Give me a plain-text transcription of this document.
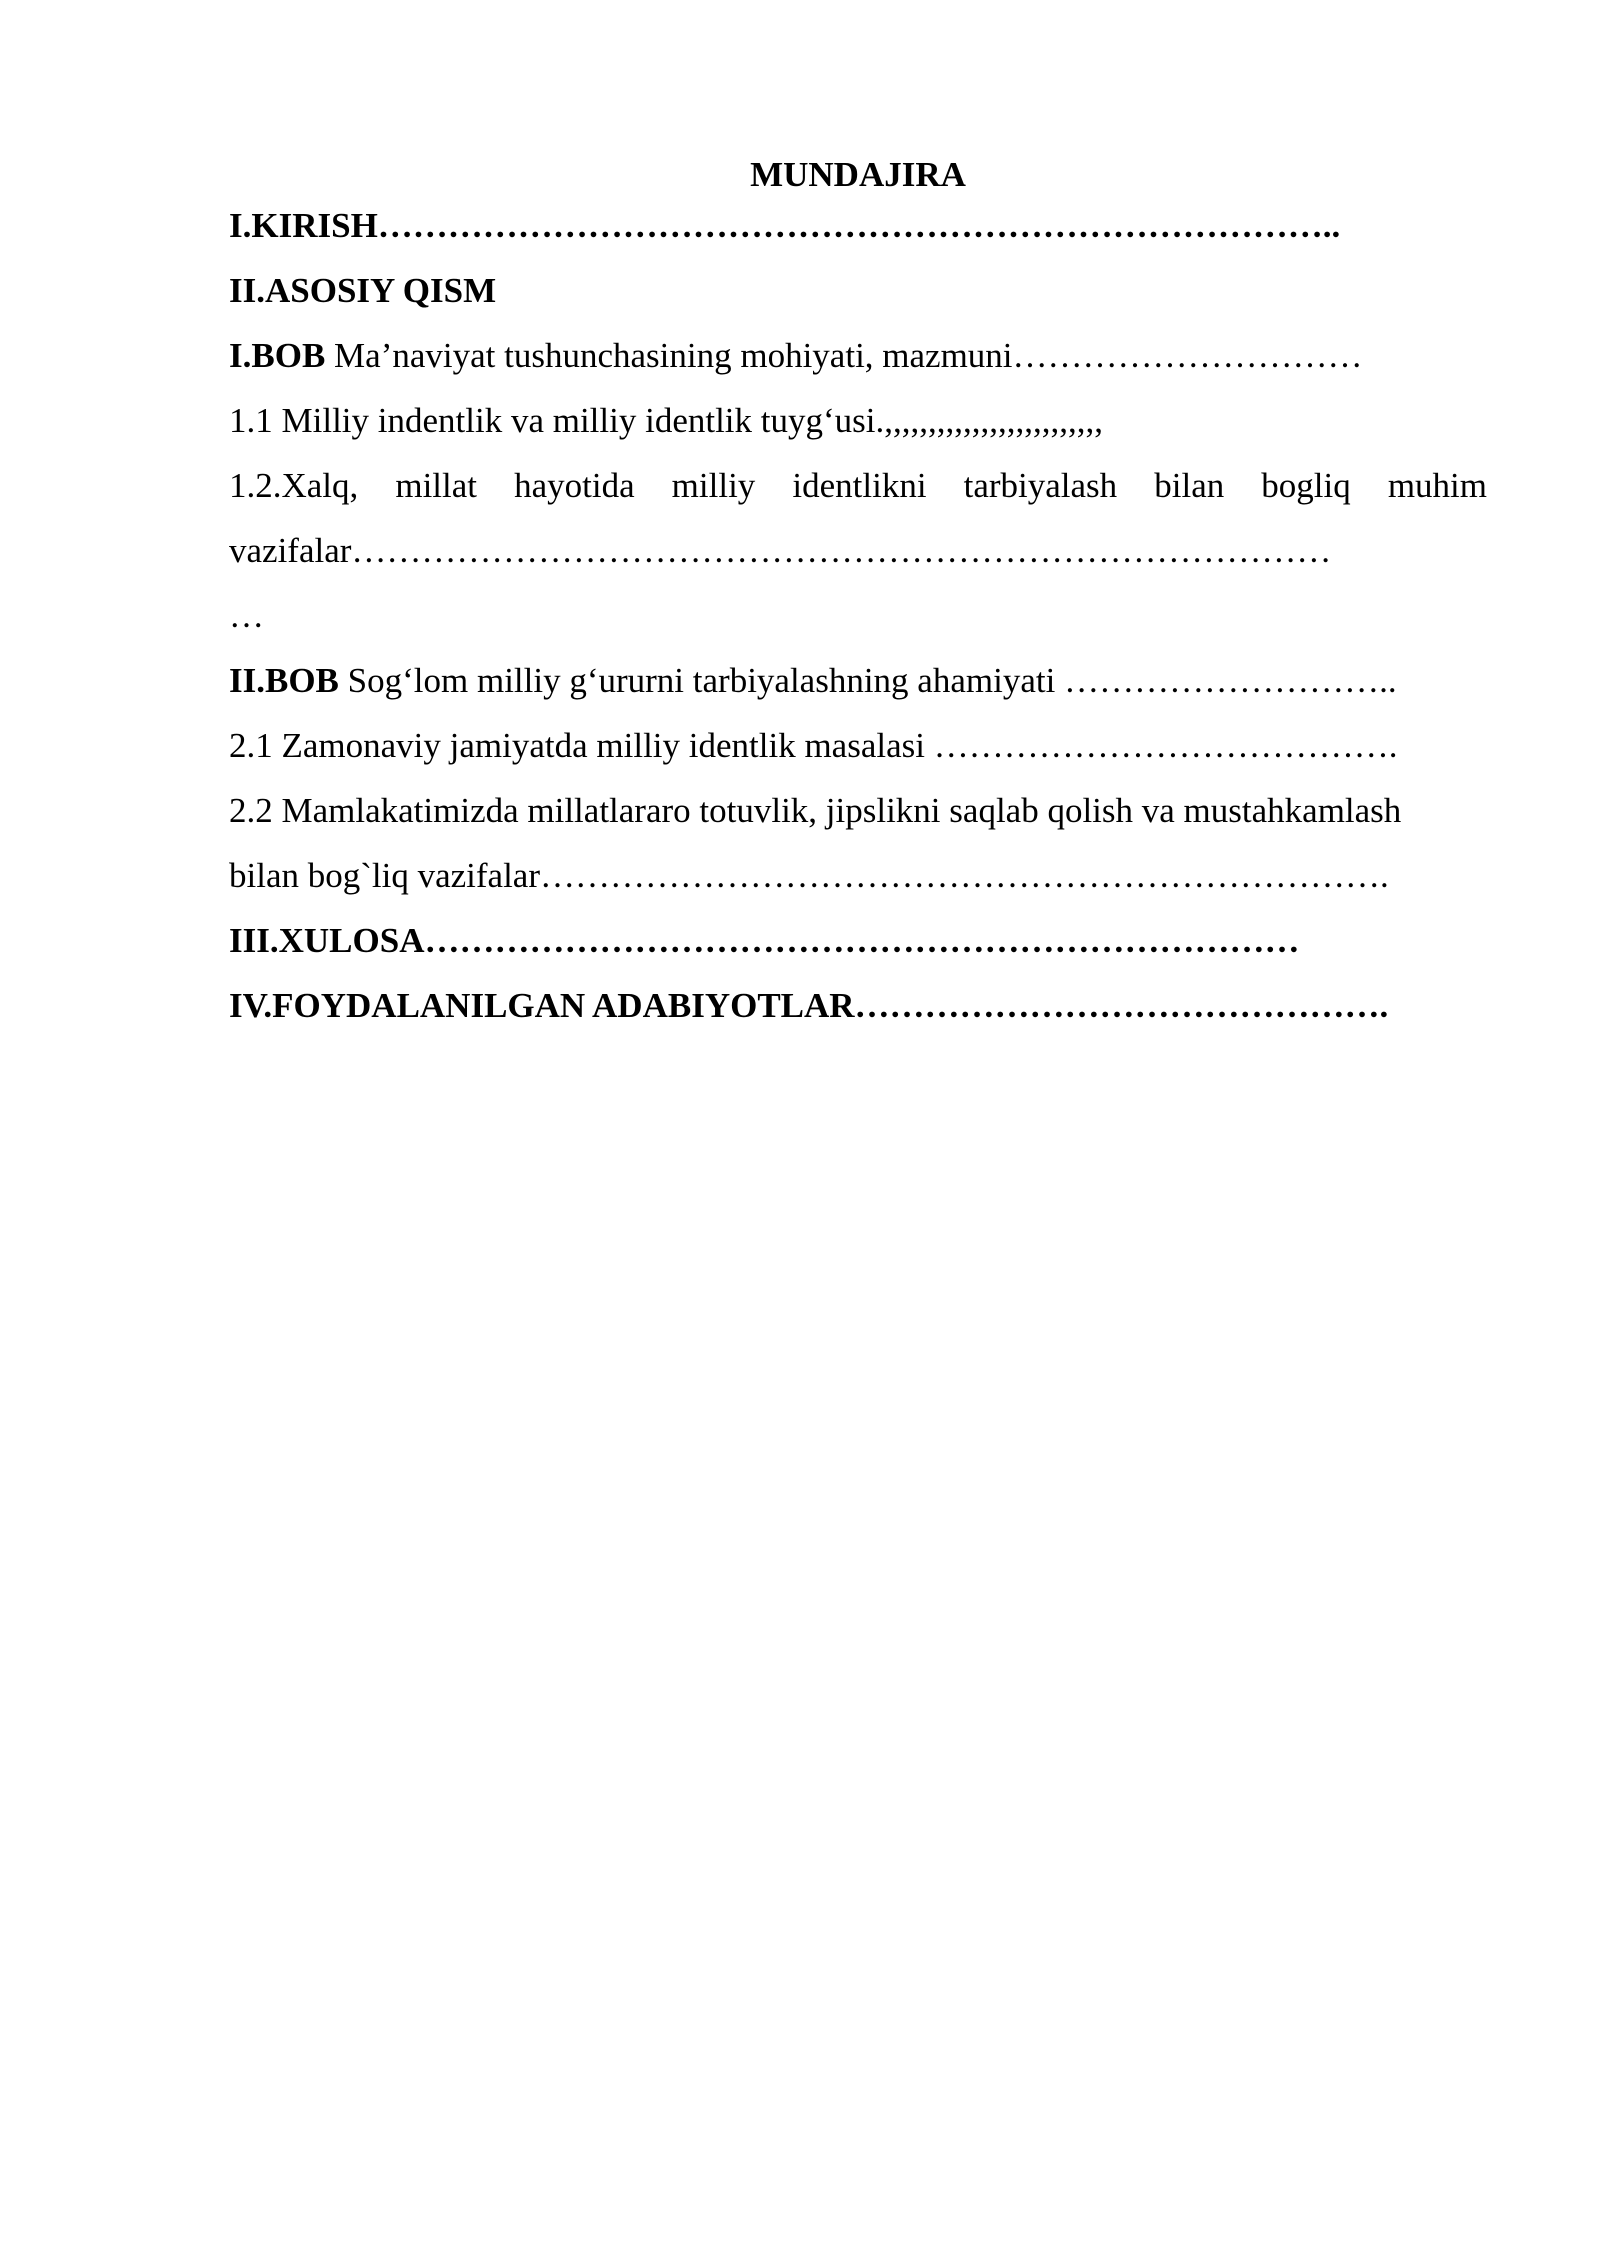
MUNDAJIRA

I.KIRISH………………………………………………………………………..

II.ASOSIY QISM

I.BOB Ma’naviyat tushunchasining mohiyati, mazmuni…………………………

1.1 Milliy indentlik va milliy identlik tuyg‘usi.,,,,,,,,,,,,,,,,,,,,,,,,,

1.2.Xalq, millat hayotida milliy identlikni tarbiyalash bilan bogliq muhim

vazifalar…………………………………………………………………………

…

II.BOB Sog‘lom milliy g‘ururni tarbiyalashning ahamiyati ………………………..

2.1 Zamonaviy jamiyatda milliy identlik masalasi ………………………………….

2.2 Mamlakatimizda millatlararo totuvlik, jipslikni saqlab qolish va mustahkamlash

bilan bog`liq vazifalar……………………………………………………………….

III.XULOSA…………………………………………………………………

IV.FOYDALANILGAN ADABIYOTLAR……………………………………….
